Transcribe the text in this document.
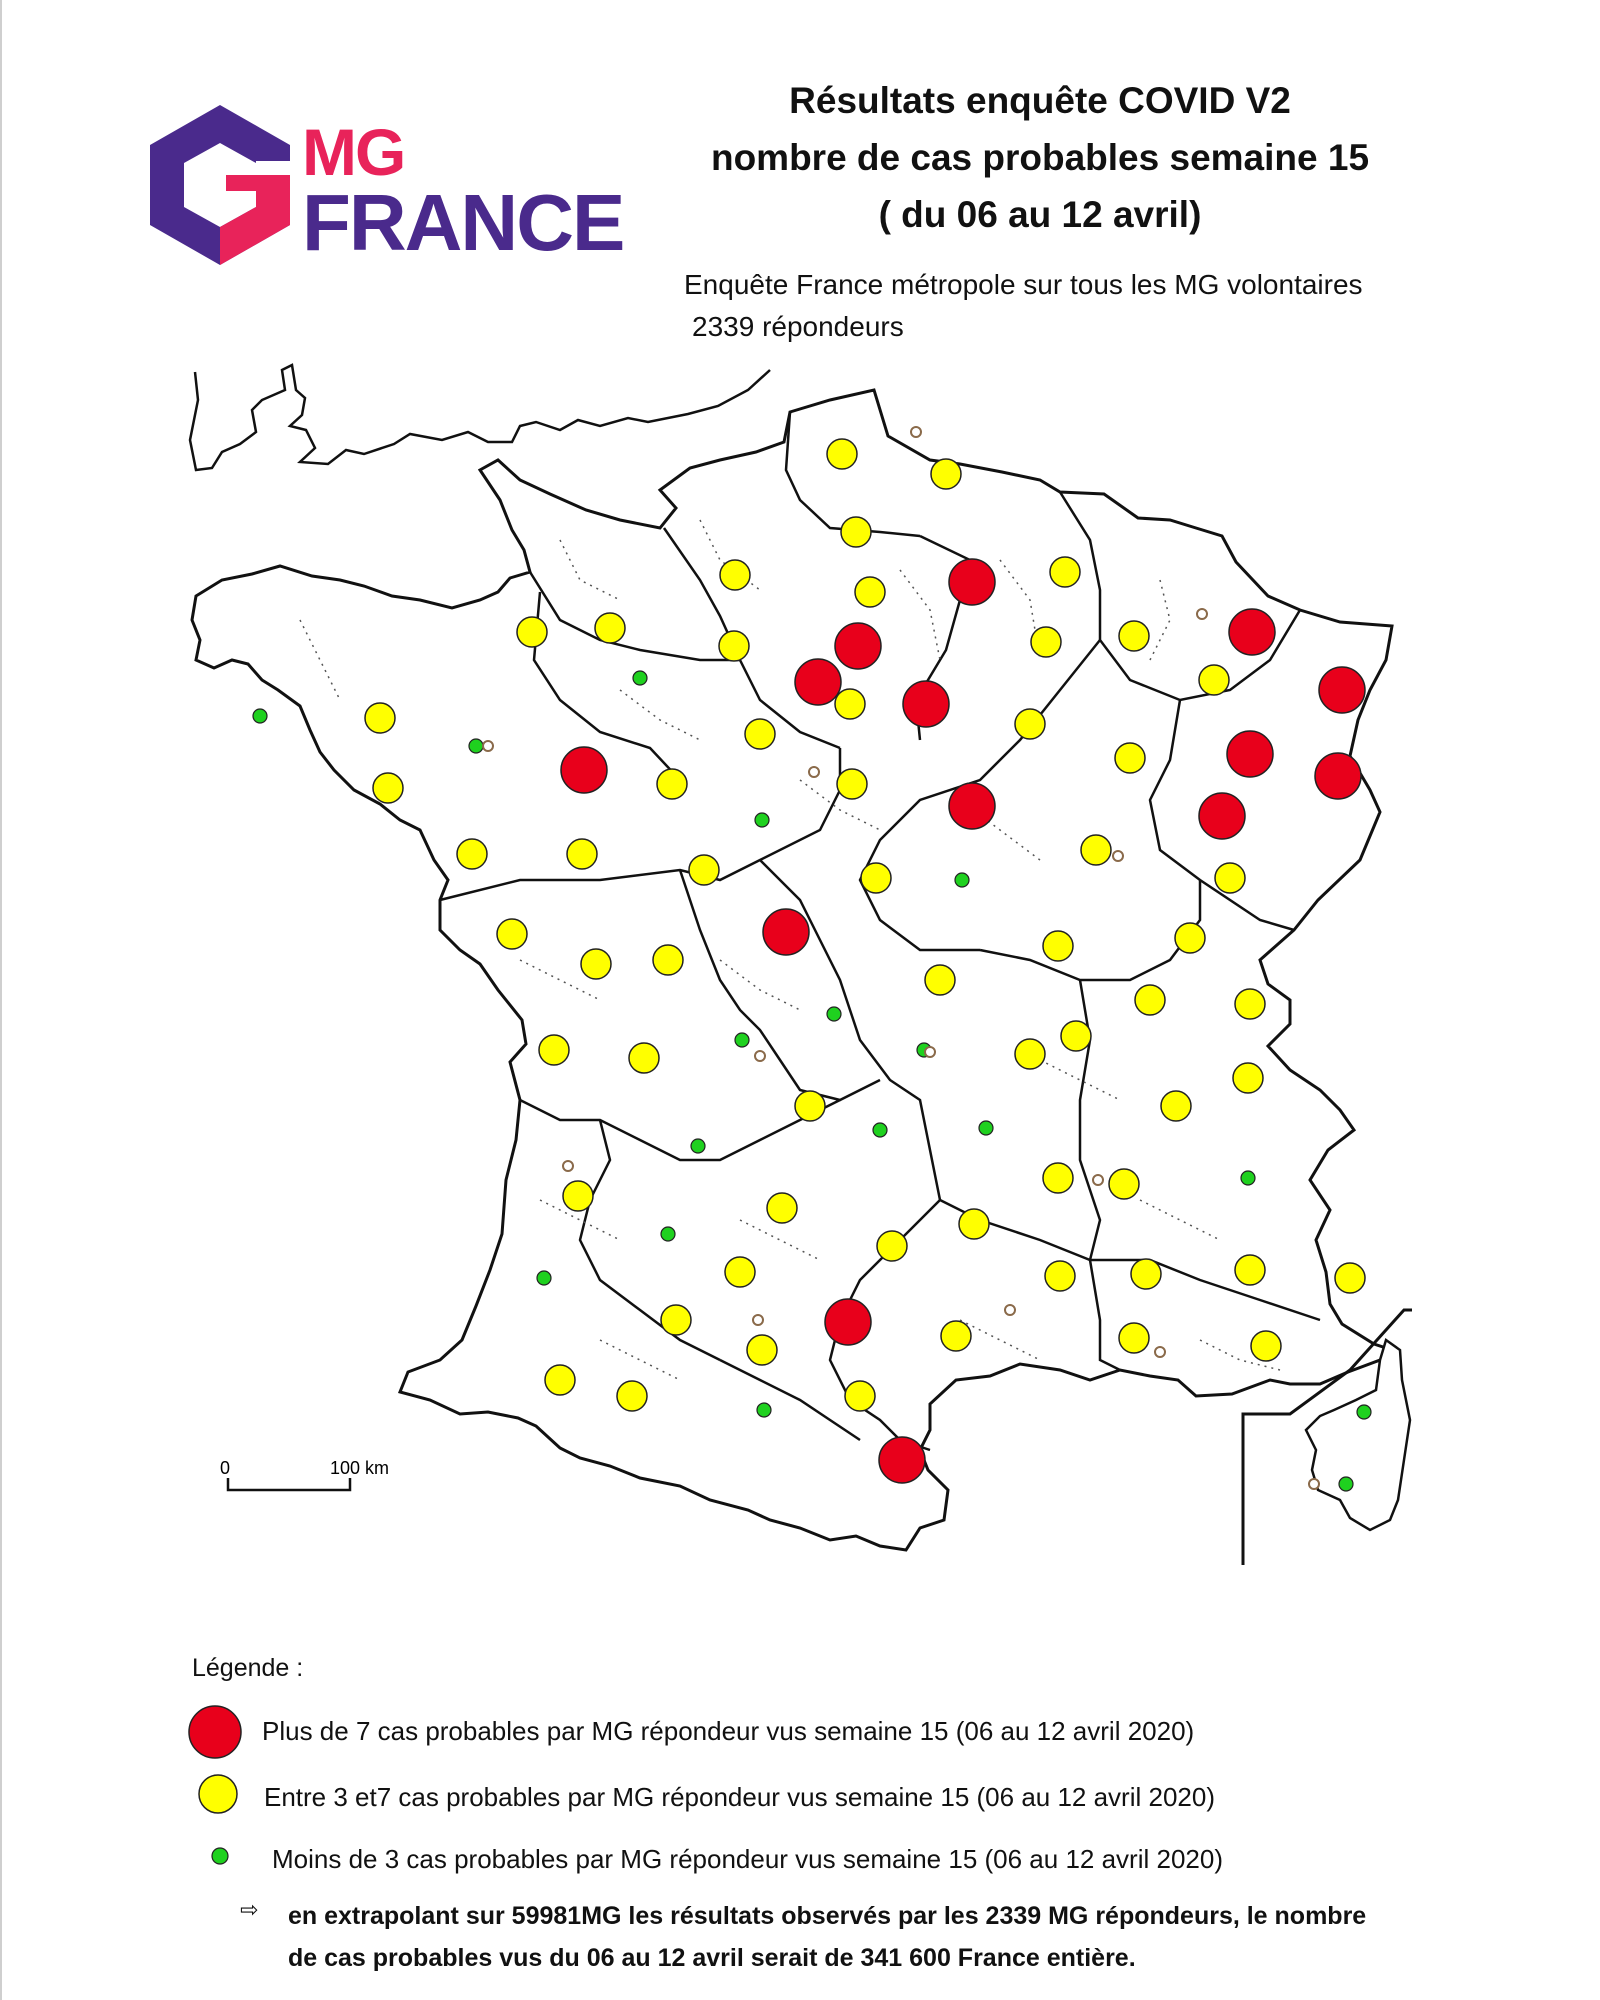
MG
FRANCE
Résultats enquête COVID V2
nombre de cas probables semaine 15
( du 06 au 12 avril)
Enquête France métropole sur tous les MG volontaires
2339 répondeurs
0	100 km
Légende :
Plus de 7 cas probables par MG répondeur vus semaine 15 (06 au 12 avril 2020)
Entre 3 et7 cas probables par MG répondeur vus semaine 15 (06 au 12 avril 2020)
Moins de 3 cas probables par MG répondeur vus semaine 15 (06 au 12 avril 2020)
⇨ en extrapolant sur 59981MG les résultats observés par les 2339 MG répondeurs, le nombre
de cas probables vus du 06 au 12 avril serait de 341 600 France entière.
